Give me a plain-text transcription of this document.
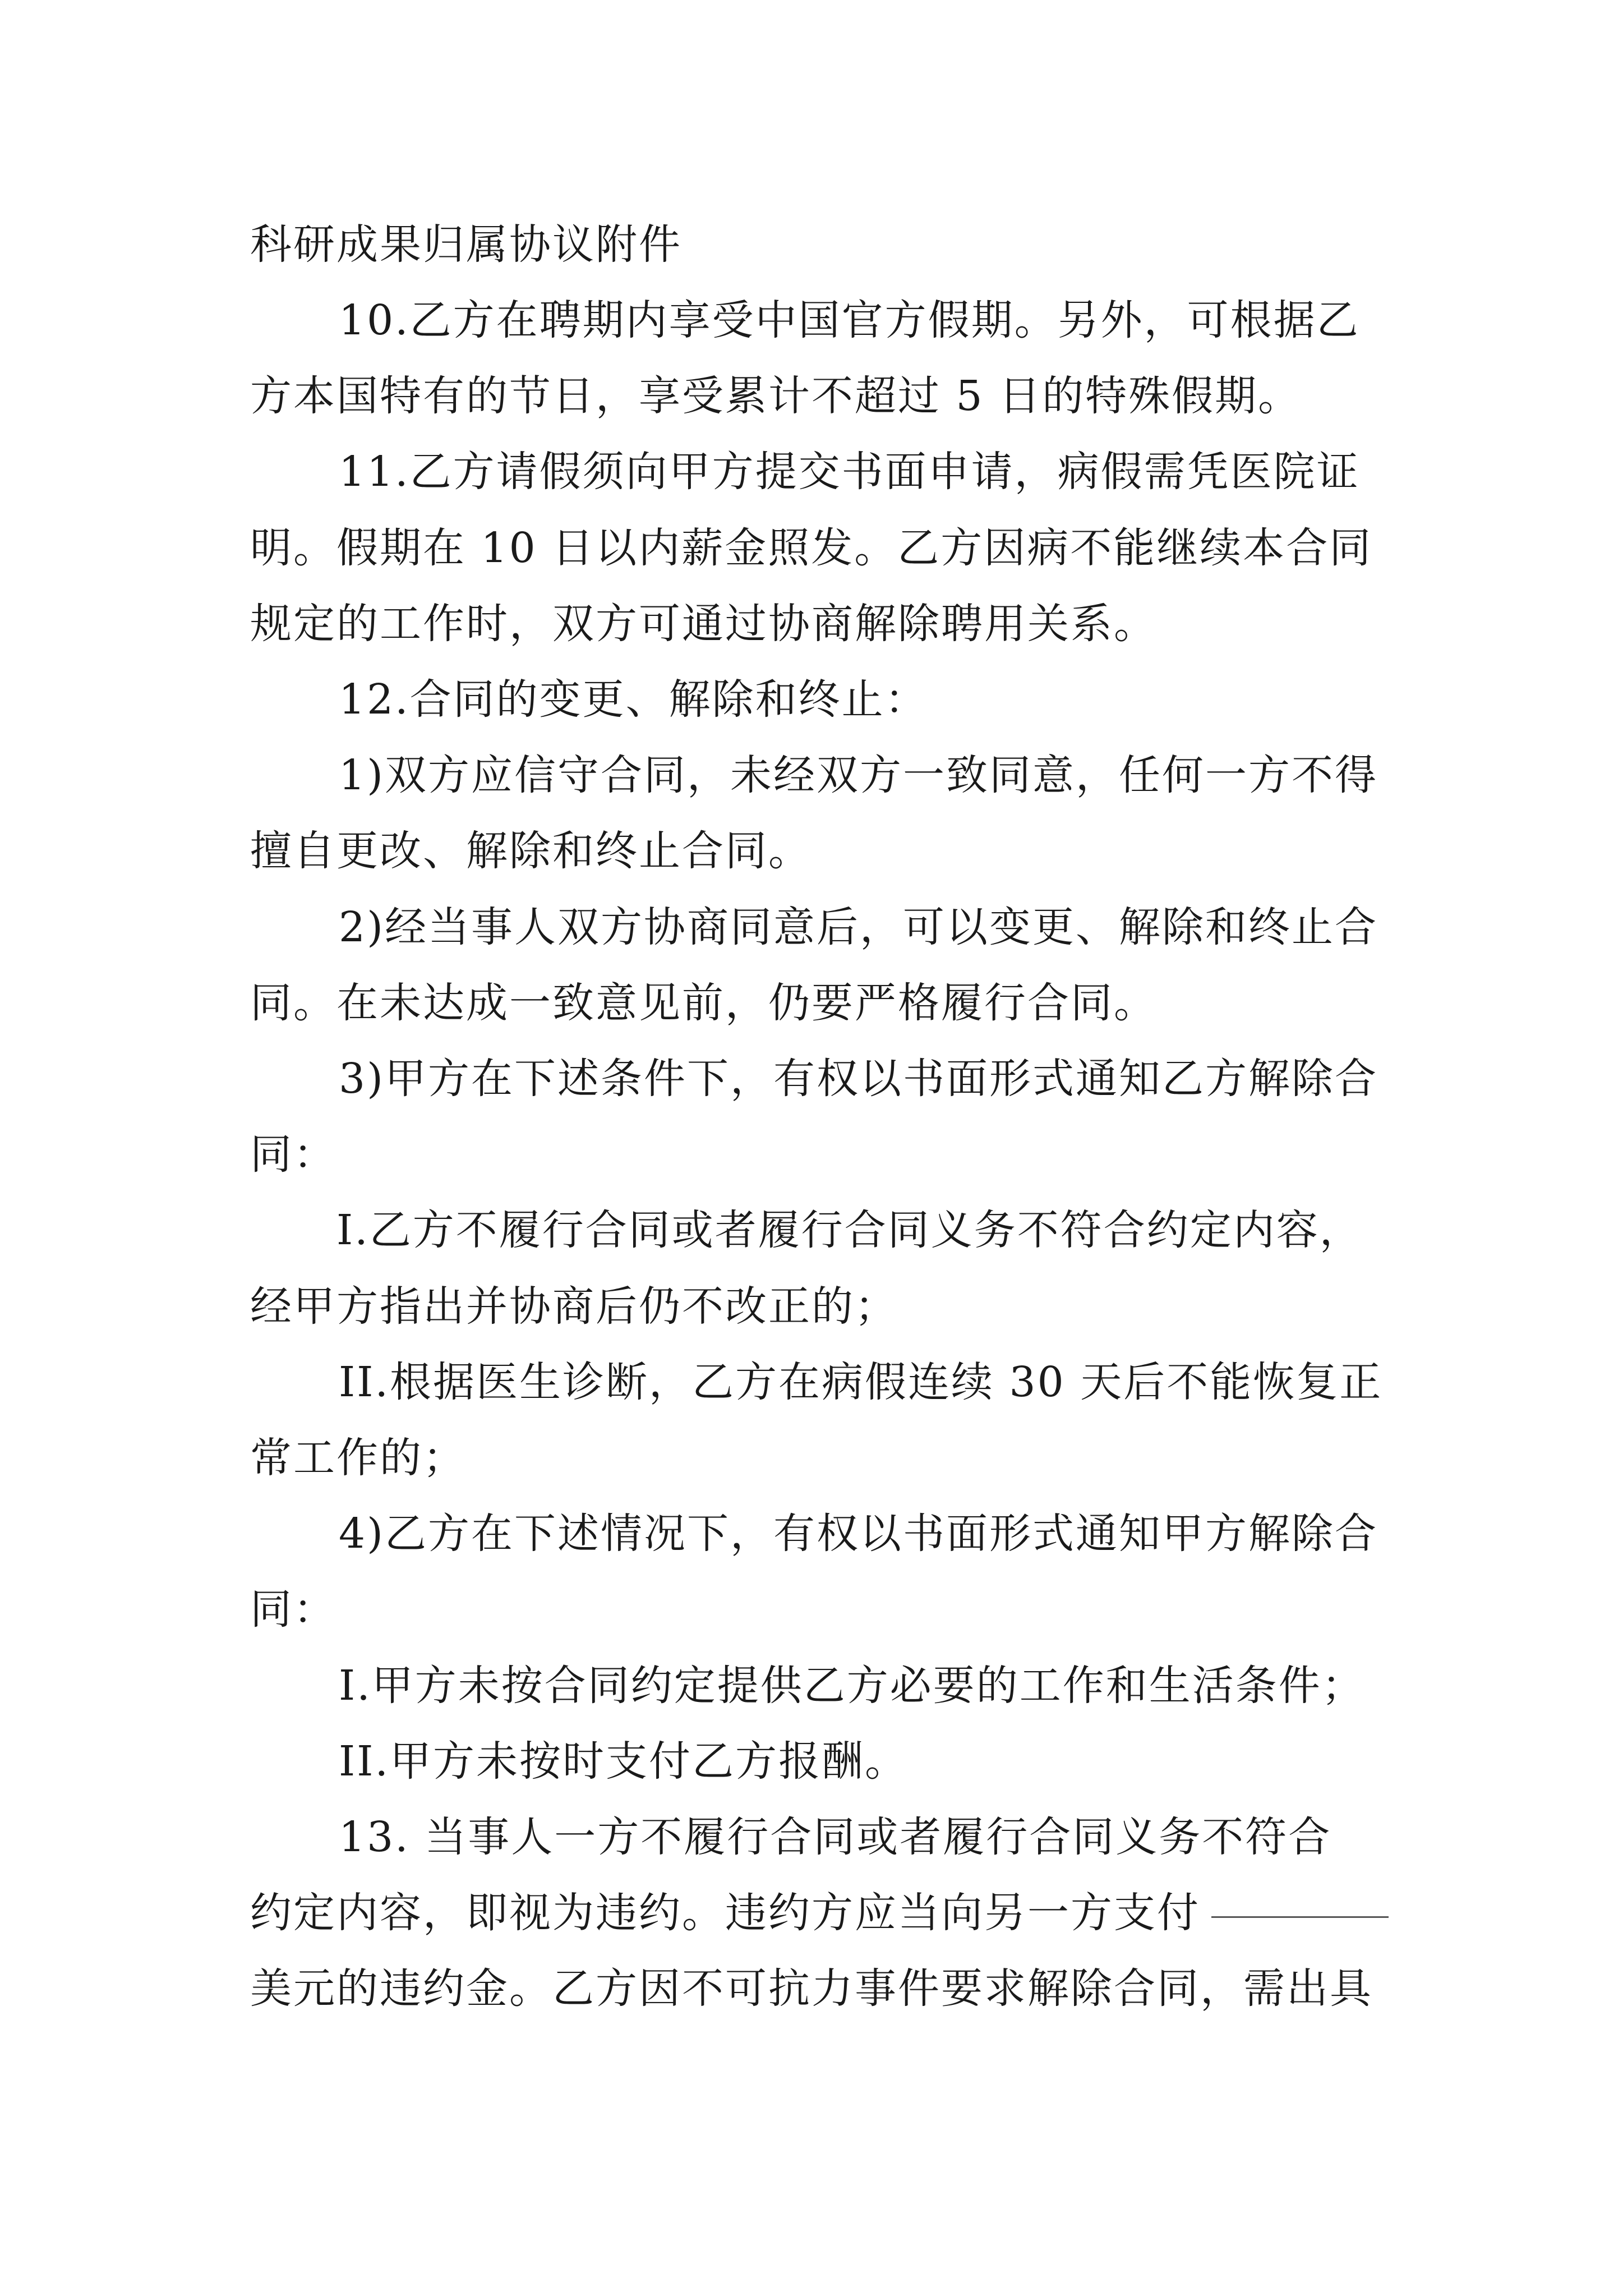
科研成果归属协议附件
10.乙方在聘期内享受中国官方假期。另外，可根据乙
方本国特有的节日，享受累计不超过 5 日的特殊假期。
11.乙方请假须向甲方提交书面申请，病假需凭医院证
明。假期在 10 日以内薪金照发。乙方因病不能继续本合同
规定的工作时，双方可通过协商解除聘用关系。
12.合同的变更、解除和终止：
1)双方应信守合同，未经双方一致同意，任何一方不得
擅自更改、解除和终止合同。
2)经当事人双方协商同意后，可以变更、解除和终止合
同。在未达成一致意见前，仍要严格履行合同。
3)甲方在下述条件下，有权以书面形式通知乙方解除合
同：
I.乙方不履行合同或者履行合同义务不符合约定内容，
经甲方指出并协商后仍不改正的；
II.根据医生诊断，乙方在病假连续 30 天后不能恢复正
常工作的；
4)乙方在下述情况下，有权以书面形式通知甲方解除合
同：
I.甲方未按合同约定提供乙方必要的工作和生活条件；
II.甲方未按时支付乙方报酬。
13. 当事人一方不履行合同或者履行合同义务不符合
约定内容，即视为违约。违约方应当向另一方支付
美元的违约金。乙方因不可抗力事件要求解除合同，需出具
